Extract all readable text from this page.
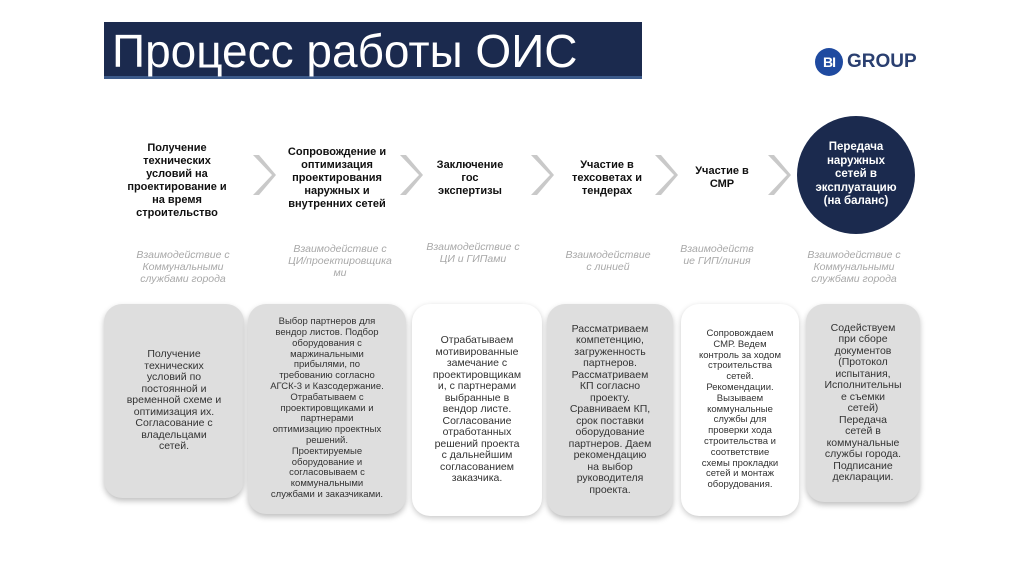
Процесс работы ОИС	BI GROUP
Получение
технических
условий на
проектирование и
на время
строительство
Сопровождение и
оптимизация
проектирования
наружных и
внутренних сетей
Заключение
гос
экспертизы
Участие в
техсоветах и
тендерах
Участие в
СМР
Передача
наружных
сетей в
эксплуатацию
(на баланс)
Взаимодействие с
Коммунальными
службами города
Взаимодействие с
ЦИ/проектировщика
ми
Взаимодействие с
ЦИ и ГИПами	Взаимодействие
с линией
Взаимодейств
ие ГИП/линия	Взаимодействие с
Коммунальными
службами города
Получение
технических
условий по
постоянной и
временной схеме и
оптимизация их.
Согласование с
владельцами
сетей.
Выбор партнеров для
вендор листов. Подбор
оборудования с
маржинальными
прибылями, по
требованию согласно
АГСК-3 и Казсодержание.
Отрабатываем с
проектировщиками и
партнерами
оптимизацию проектных
решений.
Проектируемые
оборудование и
согласовываем с
коммунальными
службами и заказчиками.
Отрабатываем
мотивированные
замечание с
проектировщикам
и, с партнерами
выбранные в
вендор листе.
Согласование
отработанных
решений проекта
с дальнейшим
согласованием
заказчика.
Рассматриваем
компетенцию,
загруженность
партнеров.
Рассматриваем
КП согласно
проекту.
Сравниваем КП,
срок поставки
оборудование
партнеров. Даем
рекомендацию
на выбор
руководителя
проекта.
Сопровождаем
СМР. Ведем
контроль за ходом
строительства
сетей.
Рекомендации.
Вызываем
коммунальные
службы для
проверки хода
строительства и
соответствие
схемы прокладки
сетей и монтаж
оборудования.
Содействуем
при сборе
документов
(Протокол
испытания,
Исполнительны
е съемки
сетей)
Передача
сетей в
коммунальные
службы города.
Подписание
декларации.
